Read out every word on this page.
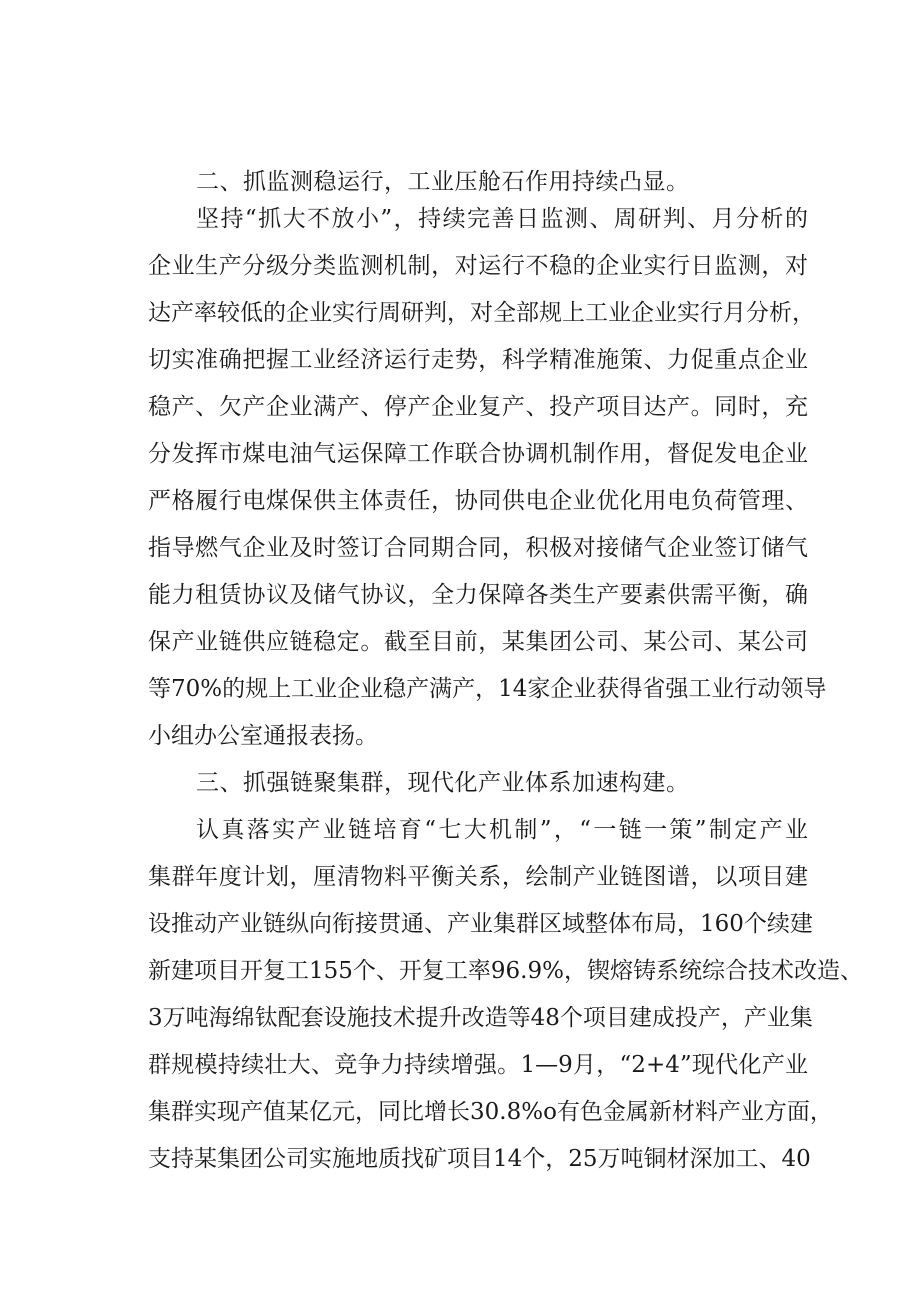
二、抓监测稳运行，工业压舱石作用持续凸显。
坚持“抓大不放小”，持续完善日监测、周研判、月分析的
企业生产分级分类监测机制，对运行不稳的企业实行日监测，对
达产率较低的企业实行周研判，对全部规上工业企业实行月分析，
切实准确把握工业经济运行走势，科学精准施策、力促重点企业
稳产、欠产企业满产、停产企业复产、投产项目达产。同时，充
分发挥市煤电油气运保障工作联合协调机制作用，督促发电企业
严格履行电煤保供主体责任，协同供电企业优化用电负荷管理、
指导燃气企业及时签订合同期合同，积极对接储气企业签订储气
能力租赁协议及储气协议，全力保障各类生产要素供需平衡，确
保产业链供应链稳定。截至目前，某集团公司、某公司、某公司
等70%的规上工业企业稳产满产，14家企业获得省强工业行动领导
小组办公室通报表扬。
三、抓强链聚集群，现代化产业体系加速构建。
认真落实产业链培育“七大机制”，“一链一策”制定产业
集群年度计划，厘清物料平衡关系，绘制产业链图谱，以项目建
设推动产业链纵向衔接贯通、产业集群区域整体布局，160个续建
新建项目开复工155个、开复工率96.9%，锲熔铸系统综合技术改造、
3万吨海绵钛配套设施技术提升改造等48个项目建成投产，产业集
群规模持续壮大、竞争力持续增强。1—9月，“2+4”现代化产业
集群实现产值某亿元，同比增长30.8%o有色金属新材料产业方面，
支持某集团公司实施地质找矿项目14个，25万吨铜材深加工、40
